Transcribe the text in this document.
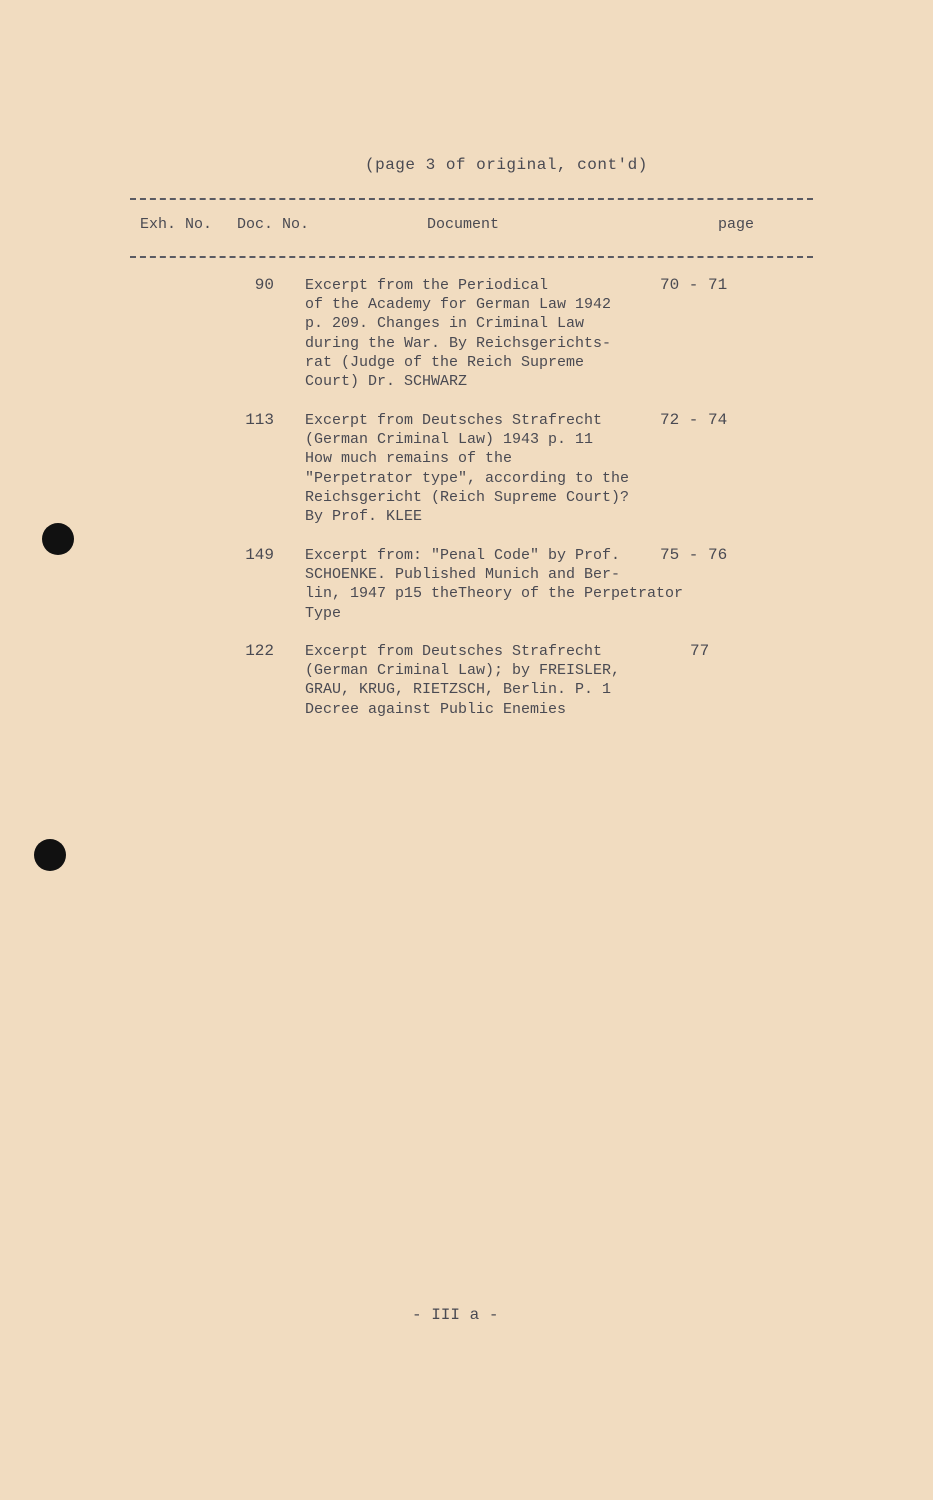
(page 3 of original, cont'd)
Exh. No. Doc. No.	Document	page
90 Excerpt from the Periodical
of the Academy for German Law 1942
p. 209. Changes in Criminal Law
during the War. By Reichsgerichts-
rat (Judge of the Reich Supreme
Court) Dr. SCHWARZ
70 - 71
113 Excerpt from Deutsches Strafrecht
(German Criminal Law) 1943 p. 11
How much remains of the
"Perpetrator type", according to the
Reichsgericht (Reich Supreme Court)?
By Prof. KLEE
72 - 74
149 Excerpt from: "Penal Code" by Prof.
SCHOENKE. Published Munich and Ber-
lin, 1947 p15 theTheory of the Perpetrator
Type
75 - 76
122 Excerpt from Deutsches Strafrecht
(German Criminal Law); by FREISLER,
GRAU, KRUG, RIETZSCH, Berlin. P. 1
Decree against Public Enemies
77
- III a -
